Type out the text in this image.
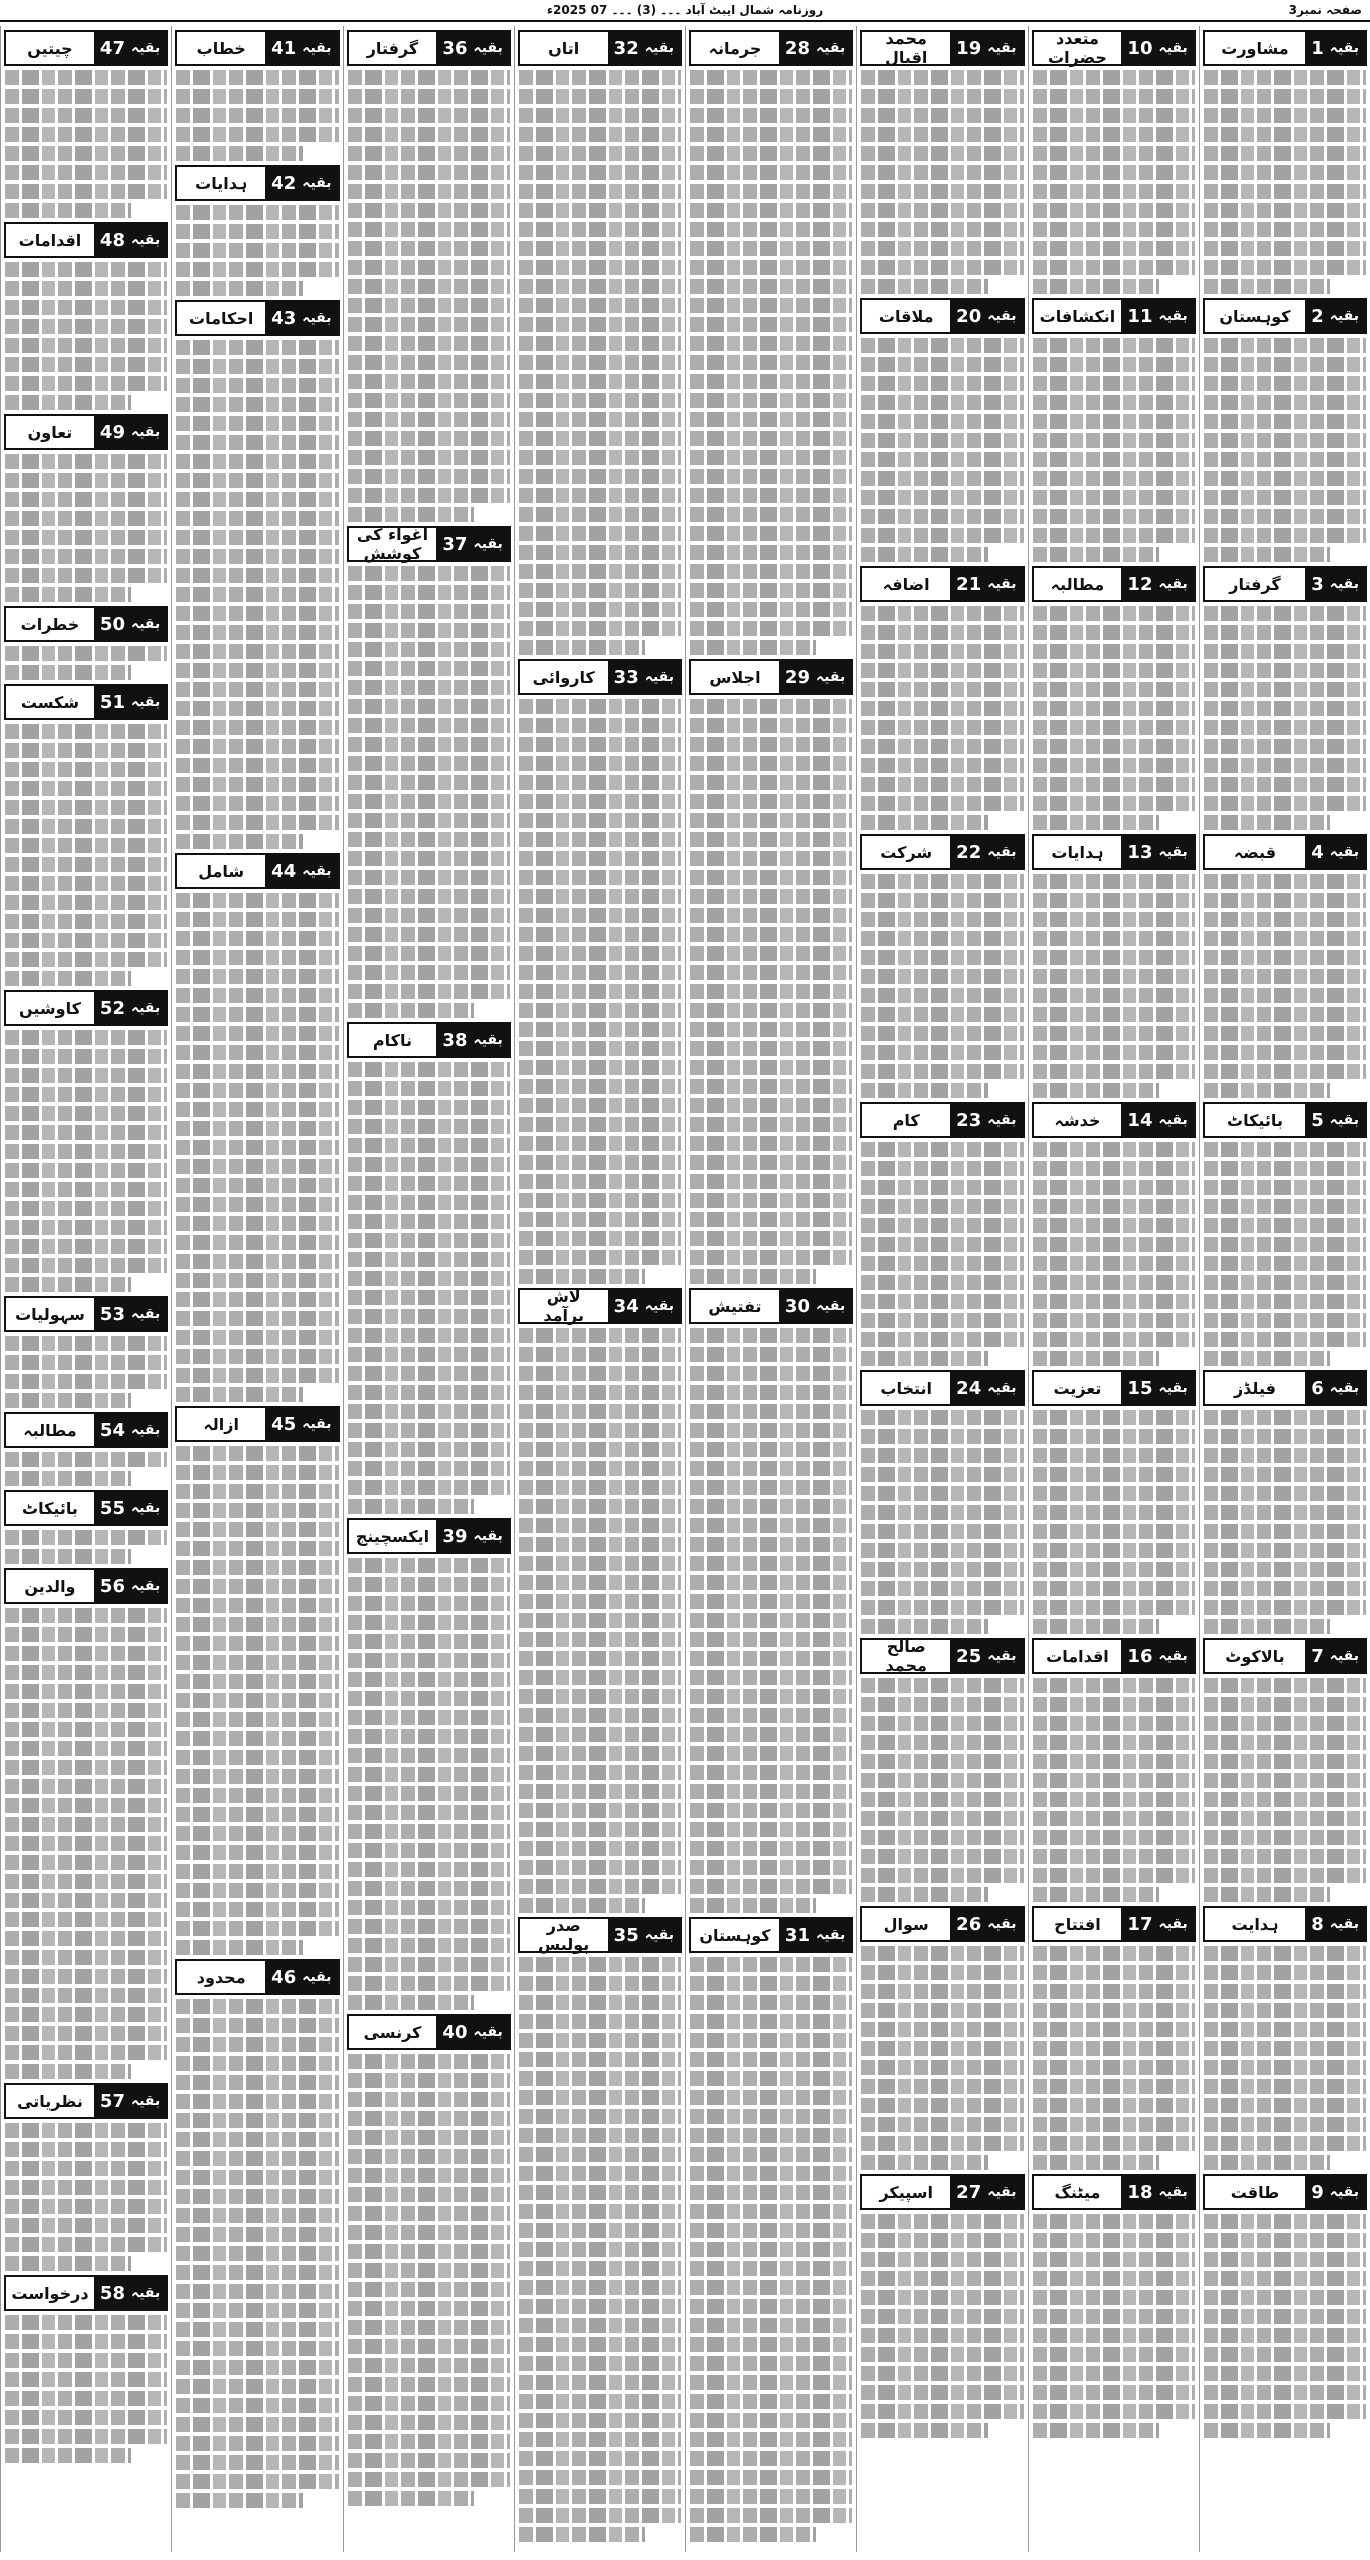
صفحہ نمبر3
روزنامہ شمال ایبٹ آباد ۔۔۔ (3) ۔۔۔ 07 2025ء
بقیہ
1
مشاورت
بقیہ
2
کوہستان
بقیہ
3
گرفتار
بقیہ
4
قبضہ
بقیہ
5
بائیکاٹ
بقیہ
6
فیلڈز
بقیہ
7
بالاکوٹ
بقیہ
8
ہدایت
بقیہ
9
طاقت
بقیہ
10
متعدد حضرات
بقیہ
11
انکشافات
بقیہ
12
مطالبہ
بقیہ
13
ہدایات
بقیہ
14
خدشہ
بقیہ
15
تعزیت
بقیہ
16
اقدامات
بقیہ
17
افتتاح
بقیہ
18
میٹنگ
بقیہ
19
محمد اقبال
بقیہ
20
ملاقات
بقیہ
21
اضافہ
بقیہ
22
شرکت
بقیہ
23
کام
بقیہ
24
انتخاب
بقیہ
25
صالح محمد
بقیہ
26
سوال
بقیہ
27
اسپیکر
بقیہ
28
جرمانہ
بقیہ
29
اجلاس
بقیہ
30
تفتیش
بقیہ
31
کوہستان
بقیہ
32
اتاں
بقیہ
33
کاروائی
بقیہ
34
لاش برآمد
بقیہ
35
صدر پولیس
بقیہ
36
گرفتار
بقیہ
37
اغواء کی کوشش
بقیہ
38
ناکام
بقیہ
39
ایکسچینج
بقیہ
40
کرنسی
بقیہ
41
خطاب
بقیہ
42
ہدایات
بقیہ
43
احکامات
بقیہ
44
شامل
بقیہ
45
ازالہ
بقیہ
46
محدود
بقیہ
47
چیتیں
بقیہ
48
اقدامات
بقیہ
49
تعاون
بقیہ
50
خطرات
بقیہ
51
شکست
بقیہ
52
کاوشیں
بقیہ
53
سہولیات
بقیہ
54
مطالبہ
بقیہ
55
بائیکاٹ
بقیہ
56
والدین
بقیہ
57
نظریاتی
بقیہ
58
درخواست
